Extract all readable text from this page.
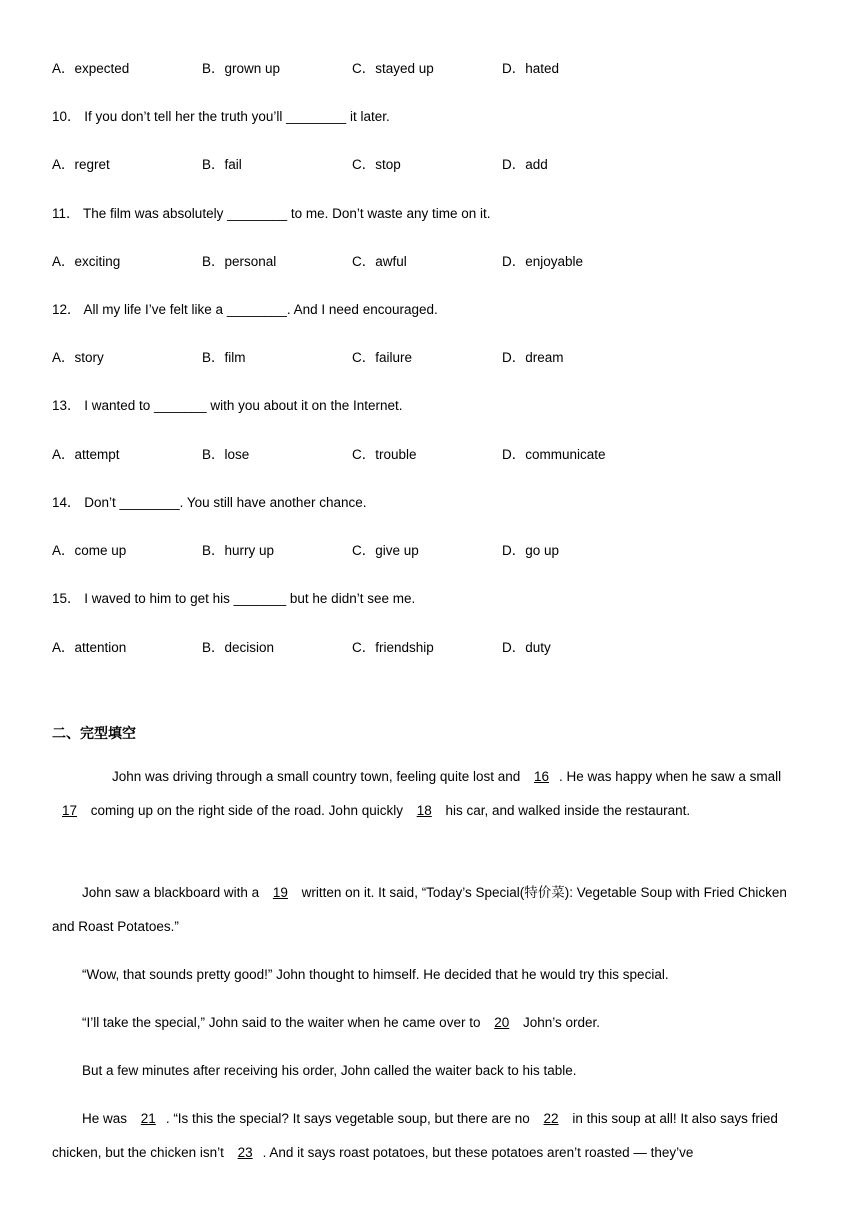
A．expected	B．grown up	C．stayed up	D．hated
10． If you don’t tell her the truth you’ll ________ it later.
A．regret	B．fail	C．stop	D．add
11． The film was absolutely ________ to me. Don’t waste any time on it.
A．exciting	B．personal	C．awful	D．enjoyable
12． All my life I’ve felt like a ________. And I need encouraged.
A．story	B．film	C．failure	D．dream
13． I wanted to _______ with you about it on the Internet.
A．attempt	B．lose	C．trouble	D．communicate
14． Don’t ________. You still have another chance.
A．come up	B．hurry up	C．give up	D．go up
15． I waved to him to get his _______ but he didn’t see me.
A．attention	B．decision	C．friendship	D．duty
二、完型填空
John was driving through a small country town, feeling quite lost and 16 . He was happy when he saw a small 17 coming up on the right side of the road. John quickly 18 his car, and walked inside the restaurant.
John saw a blackboard with a 19 written on it. It said, “Today’s Special(特价菜): Vegetable Soup with Fried Chicken and Roast Potatoes.”
“Wow, that sounds pretty good!” John thought to himself. He decided that he would try this special.
“I’ll take the special,” John said to the waiter when he came over to 20 John’s order.
But a few minutes after receiving his order, John called the waiter back to his table.
He was 21 . “Is this the special? It says vegetable soup, but there are no 22 in this soup at all! It also says fried chicken, but the chicken isn’t 23 . And it says roast potatoes, but these potatoes aren’t roasted — they’ve
